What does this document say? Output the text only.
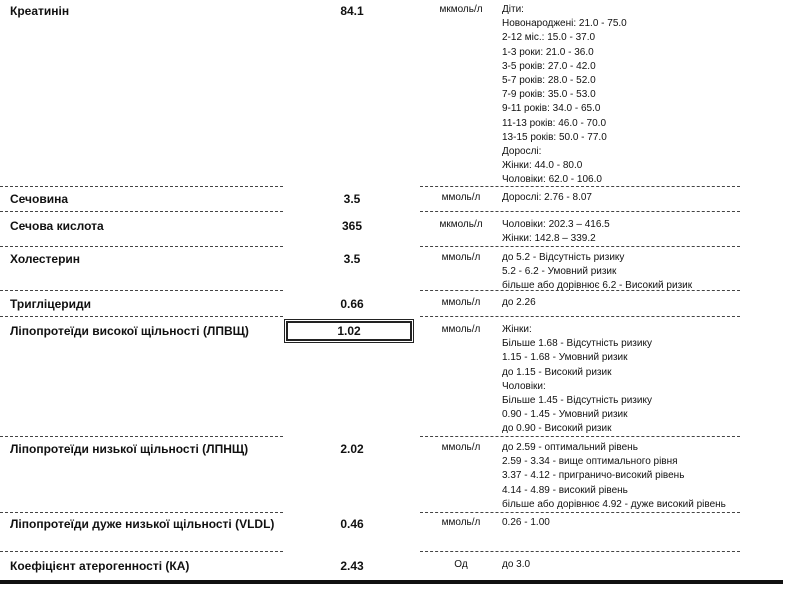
Креатинін	84.1	мкмоль/л	Діти:
Новонароджені: 21.0 - 75.0
2-12 міс.: 15.0 - 37.0
1-3 роки: 21.0 - 36.0
3-5 років: 27.0 - 42.0
5-7 років: 28.0 - 52.0
7-9 років: 35.0 - 53.0
9-11 років: 34.0 - 65.0
11-13 років: 46.0 - 70.0
13-15 років: 50.0 - 77.0
Дорослі:
Жінки: 44.0 - 80.0
Чоловіки: 62.0 - 106.0
Сечовина	3.5	ммоль/л	Дорослі: 2.76 - 8.07
Сечова кислота	365	мкмоль/л	Чоловіки: 202.3 – 416.5
Жінки: 142.8 – 339.2
Холестерин	3.5	ммоль/л	до 5.2 - Відсутність ризику
5.2 - 6.2 - Умовний ризик
більше або дорівнює 6.2 - Високий ризик
Тригліцериди	0.66	ммоль/л	до 2.26
Ліпопротеїди високої щільності (ЛПВЩ)	1.02	ммоль/л	Жінки:
Більше 1.68 - Відсутність ризику
1.15 - 1.68 - Умовний ризик
до 1.15 - Високий ризик
Чоловіки:
Більше 1.45 - Відсутність ризику
0.90 - 1.45 - Умовний ризик
до 0.90 - Високий ризик
Ліпопротеїди низької щільності (ЛПНЩ)	2.02	ммоль/л	до 2.59 - оптимальний рівень
2.59 - 3.34 - вище оптимального рівня
3.37 - 4.12 - приграничо-високий рівень
4.14 - 4.89 - високий рівень
більше або дорівнює 4.92 - дуже високий рівень
Ліпопротеїди дуже низької щільності (VLDL)	0.46	ммоль/л	0.26 - 1.00
Коефіцієнт атерогенності (КА)	2.43	Од	до 3.0
